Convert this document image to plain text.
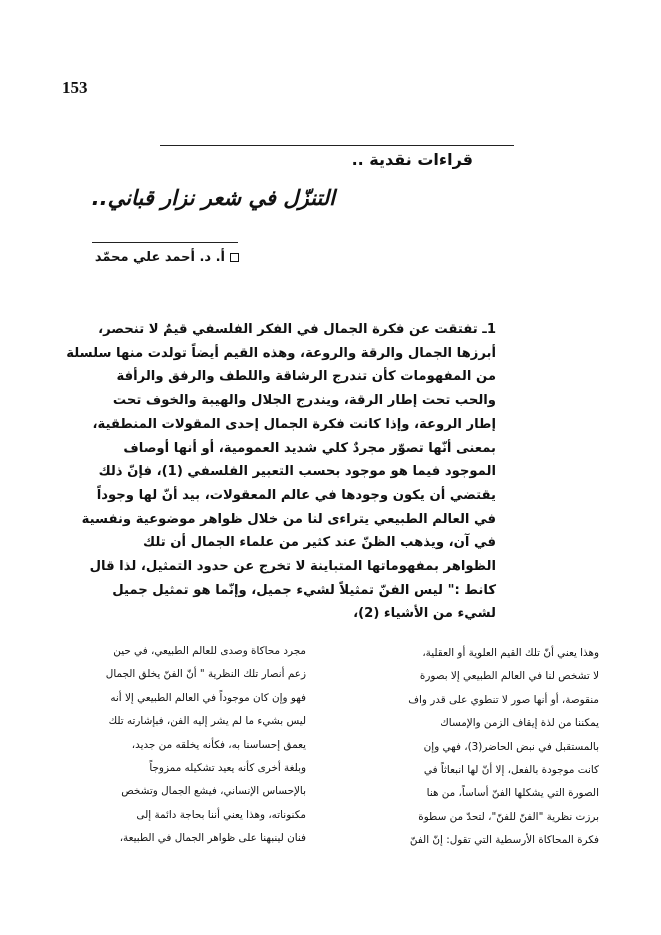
153
قراءات نقدية ..
التنزّل في شعر نزار قباني..
أ. د. أحمد علي محمّد

1ـ تفتقت عن فكرة الجمال في الفكر الفلسفي قيمٌ لا تنحصر،
أبرزها الجمال والرقة والروعة، وهذه القيم أيضاً تولدت منها سلسلة
من المفهومات كأن تندرج الرشاقة واللطف والرفق والرأفة
والحب تحت إطار الرقة، ويندرج الجلال والهيبة والخوف تحت
إطار الروعة، وإذا كانت فكرة الجمال إحدى المقولات المنطقية،
بمعنى أنّها تصوّر مجردٌ كلي شديد العمومية، أو أنها أوصاف
الموجود فيما هو موجود بحسب التعبير الفلسفي (1)، فإنّ ذلك
يقتضي أن يكون وجودها في عالم المعقولات، بيد أنّ لها وجوداً
في العالم الطبيعي يتراءى لنا من خلال ظواهر موضوعية ونفسية
في آن، ويذهب الظنّ عند كثير من علماء الجمال أن تلك
الظواهر بمفهوماتها المتباينة لا تخرج عن حدود التمثيل، لذا قال
كانط :" ليس الفنّ تمثيلاً لشيء جميل، وإنّما هو تمثيل جميل
لشيء من الأشياء (2)،

وهذا يعني أنّ تلك القيم العلوية أو العقلية،
لا تشخص لنا في العالم الطبيعي إلا بصورة
منقوصة، أو أنها صور لا تنطوي على قدر واف
يمكننا من لذة إيقاف الزمن والإمساك
بالمستقبل في نبض الحاضر(3)، فهي وإن
كانت موجودة بالفعل، إلا أنّ لها انبعاثاً في
الصورة التي يشكلها الفنّ أساساً، من هنا
برزت نظرية "الفنّ للفنّ"، لتحدّ من سطوة
فكرة المحاكاة الأرسطية التي تقول: إنّ الفنّ

مجرد محاكاة وصدى للعالم الطبيعي، في حين
زعم أنصار تلك النظرية " أنّ الفنّ يخلق الجمال
فهو وإن كان موجوداً في العالم الطبيعي إلا أنه
ليس بشيء ما لم يشر إليه الفن، فبإشارته تلك
يعمق إحساسنا به، فكأنه يخلقه من جديد،
وبلغة أخرى كأنه يعيد تشكيله ممزوجاً
بالإحساس الإنساني، فيشع الجمال وتشخص
مكنوناته، وهذا يعني أننا بحاجة دائمة إلى
فنان لينبهنا على ظواهر الجمال في الطبيعة،
